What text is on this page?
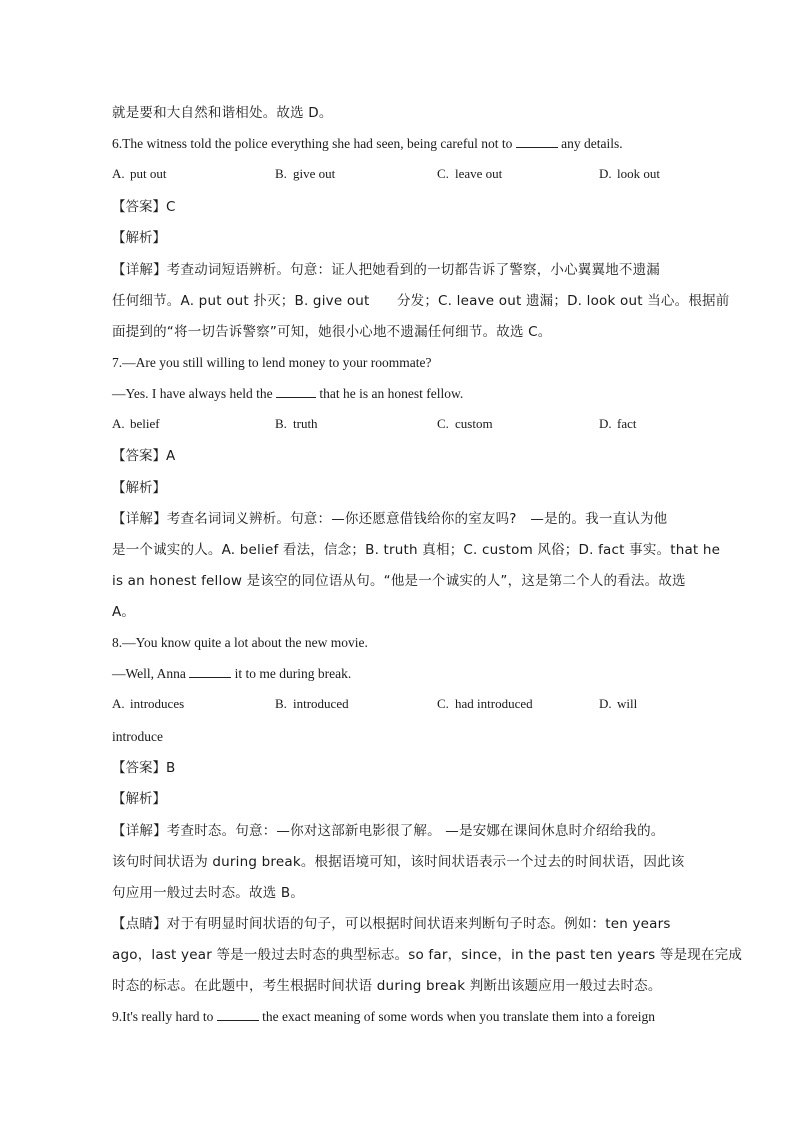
就是要和大自然和谐相处。故选 D。
6.The witness told the police everything she had seen, being careful not to	any details.
A. put out	B. give out	C. leave out	D. look out
【答案】C
【解析】
【详解】考查动词短语辨析。句意：证人把她看到的一切都告诉了警察，小心翼翼地不遗漏
任何细节。A. put out 扑灭；B. give out　　分发；C. leave out 遗漏；D. look out 当心。根据前
面提到的“将一切告诉警察”可知，她很小心地不遗漏任何细节。故选 C。
7.—Are you still willing to lend money to your roommate?
—Yes. I have always held the	that he is an honest fellow.
A. belief	B. truth	C. custom	D. fact
【答案】A
【解析】
【详解】考查名词词义辨析。句意：—你还愿意借钱给你的室友吗?　—是的。我一直认为他
是一个诚实的人。A. belief 看法，信念；B. truth 真相；C. custom 风俗；D. fact 事实。that he
is an honest fellow 是该空的同位语从句。“他是一个诚实的人”，这是第二个人的看法。故选
A。
8.—You know quite a lot about the new movie.
—Well, Anna	it to me during break.
A. introduces	B. introduced	C. had introduced	D. will
introduce
【答案】B
【解析】
【详解】考查时态。句意：—你对这部新电影很了解。 —是安娜在课间休息时介绍给我的。
该句时间状语为 during break。根据语境可知，该时间状语表示一个过去的时间状语，因此该
句应用一般过去时态。故选 B。
【点睛】对于有明显时间状语的句子，可以根据时间状语来判断句子时态。例如：ten years
ago，last year 等是一般过去时态的典型标志。so far，since，in the past ten years 等是现在完成
时态的标志。在此题中，考生根据时间状语 during break 判断出该题应用一般过去时态。
9.It's really hard to	the exact meaning of some words when you translate them into a foreign
